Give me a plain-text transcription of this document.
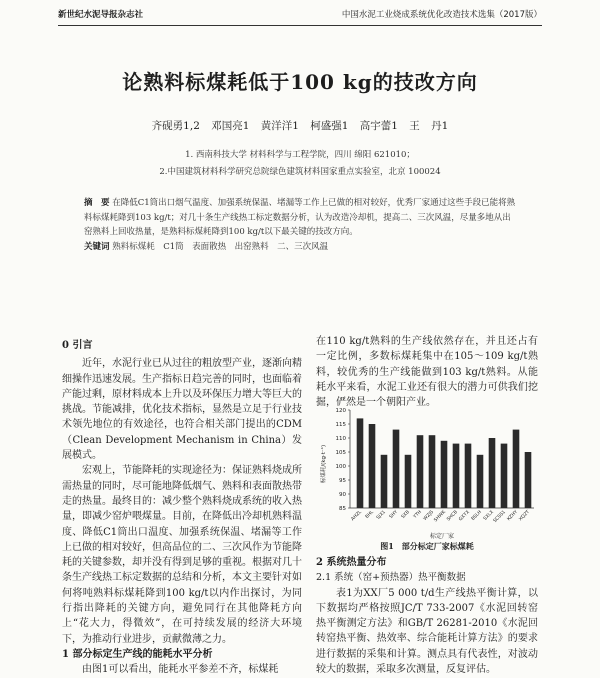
新世纪水泥导报杂志社	中国水泥工业烧成系统优化改造技术选集（2017版）
论熟料标煤耗低于100 kg的技改方向
齐砚勇1,2 邓国亮1 黄洋洋1 柯盛强1 高宇蕾1 王 丹1
1. 西南科技大学 材料科学与工程学院，四川 绵阳 621010；
2.中国建筑材料科学研究总院绿色建筑材料国家重点实验室，北京 100024
摘　要 在降低C1筒出口烟气温度、加强系统保温、堵漏等工作上已做的相对较好，优秀厂家通过这些手段已能将熟料标煤耗降到103 kg/t；对几十条生产线热工标定数据分析，认为改造冷却机，提高二、三次风温，尽量多地从出窑熟料上回收热量，是熟料标煤耗降到100 kg/t以下最关键的技改方向。
关键词 熟料标煤耗　C1筒　表面散热　出窑熟料　二、三次风温

0 引言

近年，水泥行业已从过往的粗放型产业，逐渐向精细操作迅速发展。生产指标日趋完善的同时，也面临着产能过剩，原材料成本上升以及环保压力增大等巨大的挑战。节能减排，优化技术指标，显然是立足于行业技术领先地位的有效途径，也符合相关部门提出的CDM（Clean Development Mechanism in China）发展模式。

宏观上，节能降耗的实现途径为：保证熟料烧成所需热量的同时，尽可能地降低烟气、熟料和表面散热带走的热量。最终目的：减少整个熟料烧成系统的收入热量，即减少窑炉喂煤量。目前，在降低出冷却机熟料温度、降低C1筒出口温度、加强系统保温、堵漏等工作上已做的相对较好，但高品位的二、三次风作为节能降耗的关键参数，却并没有得到足够的重视。根据对几十条生产线热工标定数据的总结和分析，本文主要针对如何将吨熟料标煤耗降到100 kg/t以内作出探讨，为同行指出降耗的关键方向，避免同行在其他降耗方向上“花大力，得微效”，在可持续发展的经济大环境下，为推动行业进步，贡献微薄之力。

1 部分标定生产线的能耗水平分析

由图1可以看出，能耗水平参差不齐，标煤耗

在110 kg/t熟料的生产线依然存在，并且还占有一定比例，多数标煤耗集中在105～109 kg/t熟料，较优秀的生产线能做到103 kg/t熟料。从能耗水平来看，水泥工业还有很大的潜力可供我们挖掘，俨然是一个朝阳产业。

标煤耗/(kg·t⁻¹)
标定厂家
85
90
95
100
105
110
115
120
AHZL BHL SJX1 SHY SXB YTH WZJS
SHWK SHCB GXYX BSLH SXLX
SCSS1 KZHY XQ2T
图1　部分标定厂家标煤耗

2 系统热量分布

2.1 系统（窑+预热器）热平衡数据

表1为XX厂5 000 t/d生产线热平衡计算，以下数据均严格按照JC/T 733-2007《水泥回转窑热平衡测定方法》和GB/T 26281-2010《水泥回转窑热平衡、热效率、综合能耗计算方法》的要求进行数据的采集和计算。测点具有代表性，对波动较大的数据，采取多次测量，反复评估。
